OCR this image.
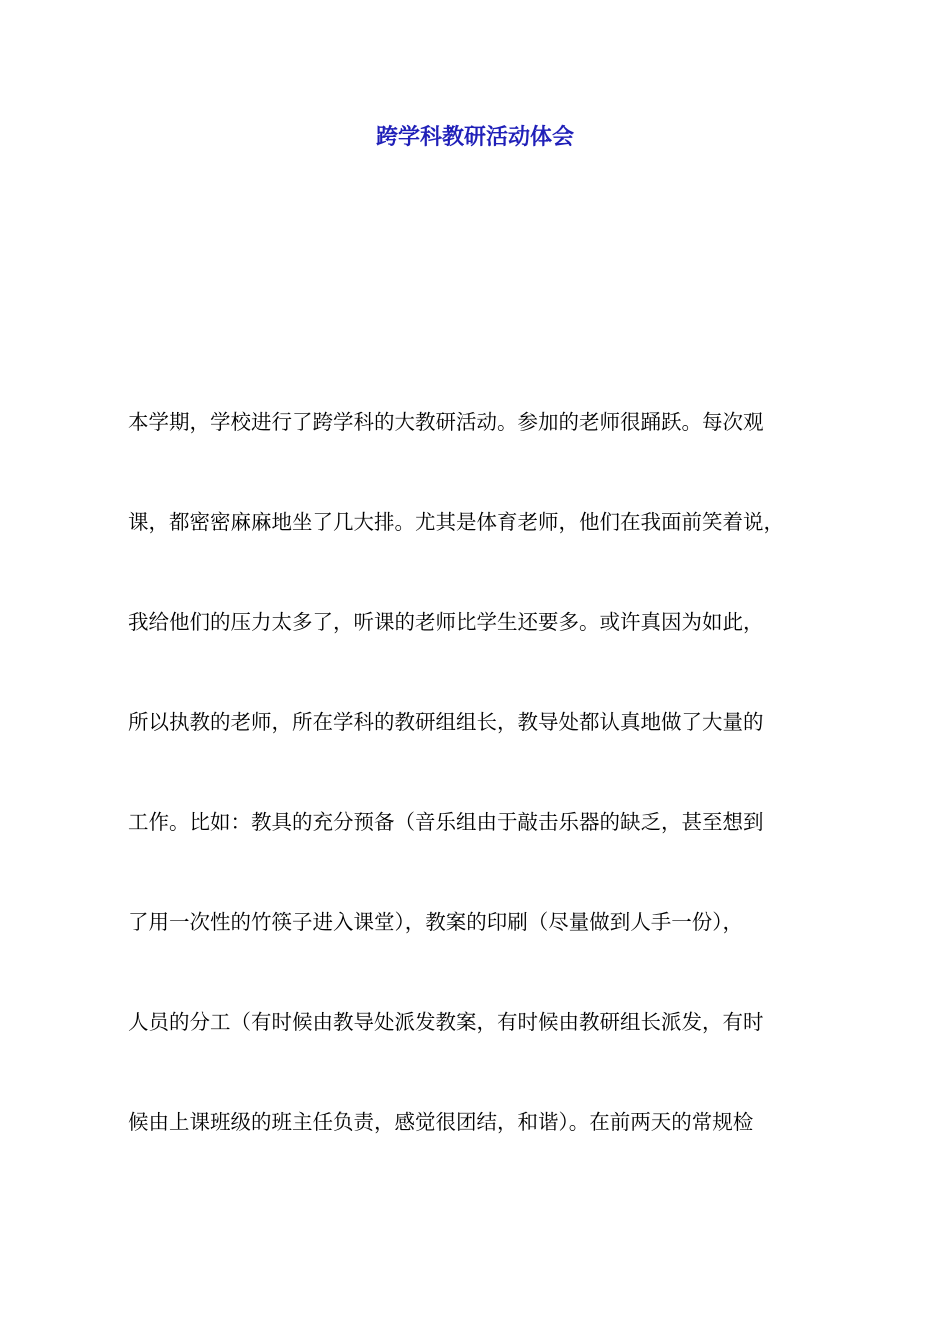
跨学科教研活动体会
本学期，学校进行了跨学科的大教研活动。参加的老师很踊跃。每次观
课，都密密麻麻地坐了几大排。尤其是体育老师，他们在我面前笑着说，
我给他们的压力太多了，听课的老师比学生还要多。或许真因为如此，
所以执教的老师，所在学科的教研组组长，教导处都认真地做了大量的
工作。比如：教具的充分预备（音乐组由于敲击乐器的缺乏，甚至想到
了用一次性的竹筷子进入课堂），教案的印刷（尽量做到人手一份），
人员的分工（有时候由教导处派发教案，有时候由教研组长派发，有时
候由上课班级的班主任负责，感觉很团结，和谐）。在前两天的常规检
